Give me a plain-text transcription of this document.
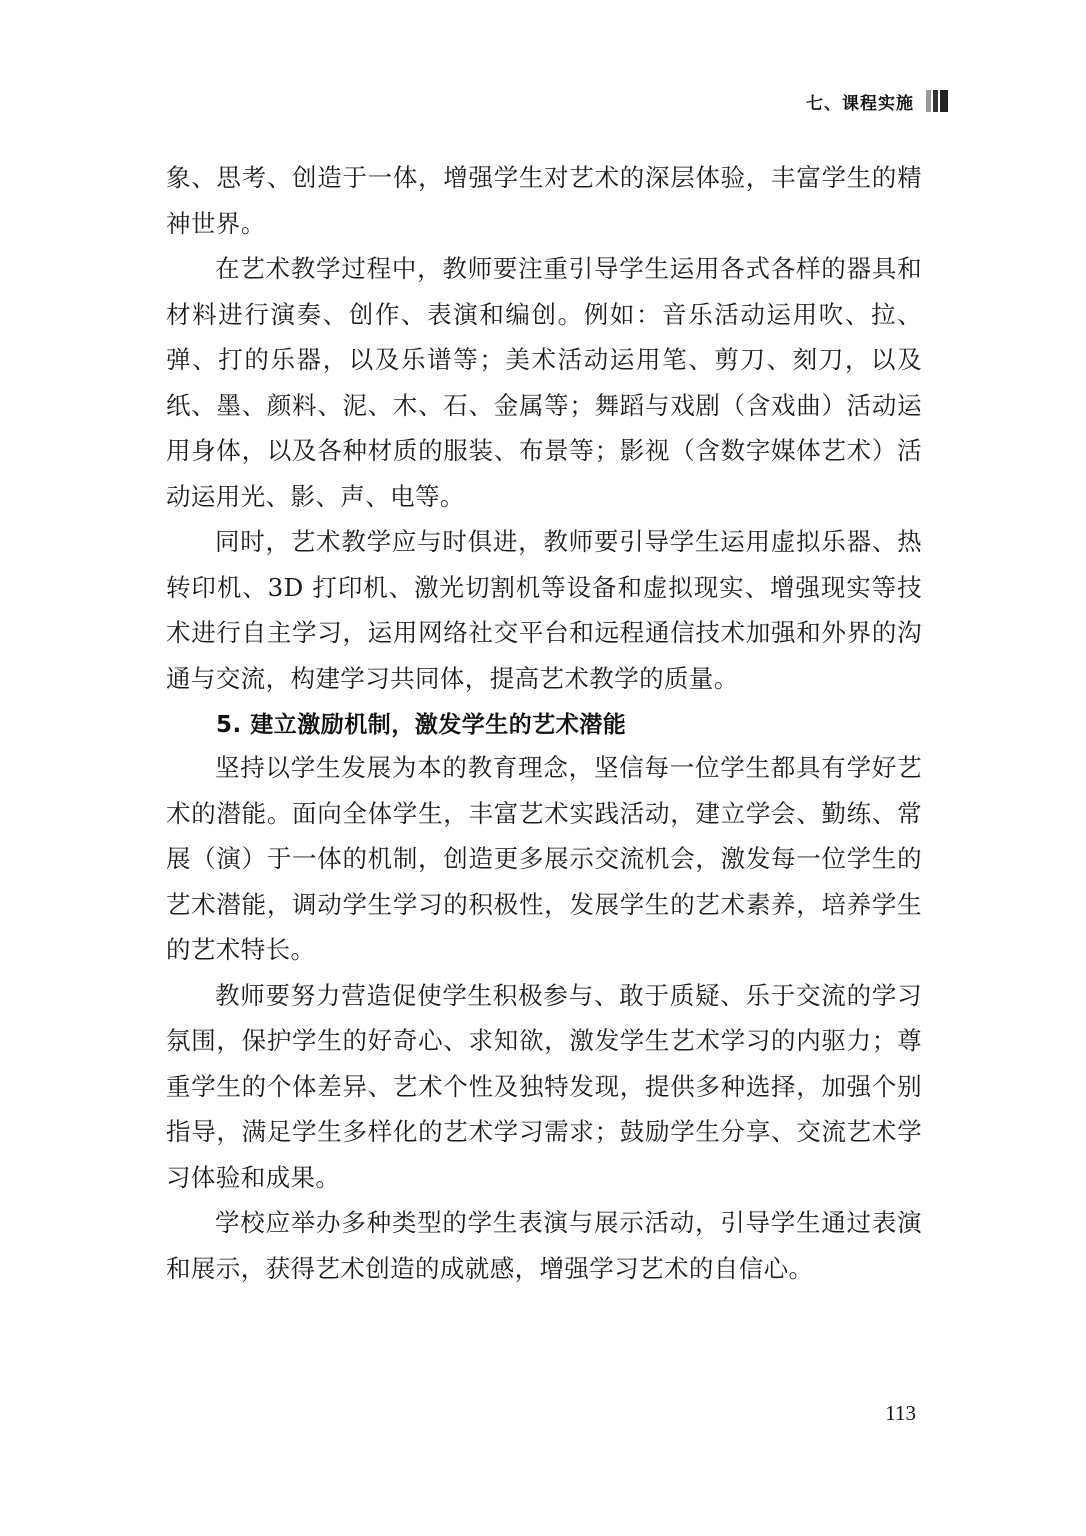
七、课程实施

象、思考、创造于一体，增强学生对艺术的深层体验，丰富学生的精神世界。

在艺术教学过程中，教师要注重引导学生运用各式各样的器具和材料进行演奏、创作、表演和编创。例如：音乐活动运用吹、拉、弹、打的乐器，以及乐谱等；美术活动运用笔、剪刀、刻刀，以及纸、墨、颜料、泥、木、石、金属等；舞蹈与戏剧（含戏曲）活动运用身体，以及各种材质的服装、布景等；影视（含数字媒体艺术）活动运用光、影、声、电等。

同时，艺术教学应与时俱进，教师要引导学生运用虚拟乐器、热转印机、3D 打印机、激光切割机等设备和虚拟现实、增强现实等技术进行自主学习，运用网络社交平台和远程通信技术加强和外界的沟通与交流，构建学习共同体，提高艺术教学的质量。

5. 建立激励机制，激发学生的艺术潜能

坚持以学生发展为本的教育理念，坚信每一位学生都具有学好艺术的潜能。面向全体学生，丰富艺术实践活动，建立学会、勤练、常展（演）于一体的机制，创造更多展示交流机会，激发每一位学生的艺术潜能，调动学生学习的积极性，发展学生的艺术素养，培养学生的艺术特长。

教师要努力营造促使学生积极参与、敢于质疑、乐于交流的学习氛围，保护学生的好奇心、求知欲，激发学生艺术学习的内驱力；尊重学生的个体差异、艺术个性及独特发现，提供多种选择，加强个别指导，满足学生多样化的艺术学习需求；鼓励学生分享、交流艺术学习体验和成果。

学校应举办多种类型的学生表演与展示活动，引导学生通过表演和展示，获得艺术创造的成就感，增强学习艺术的自信心。

113
